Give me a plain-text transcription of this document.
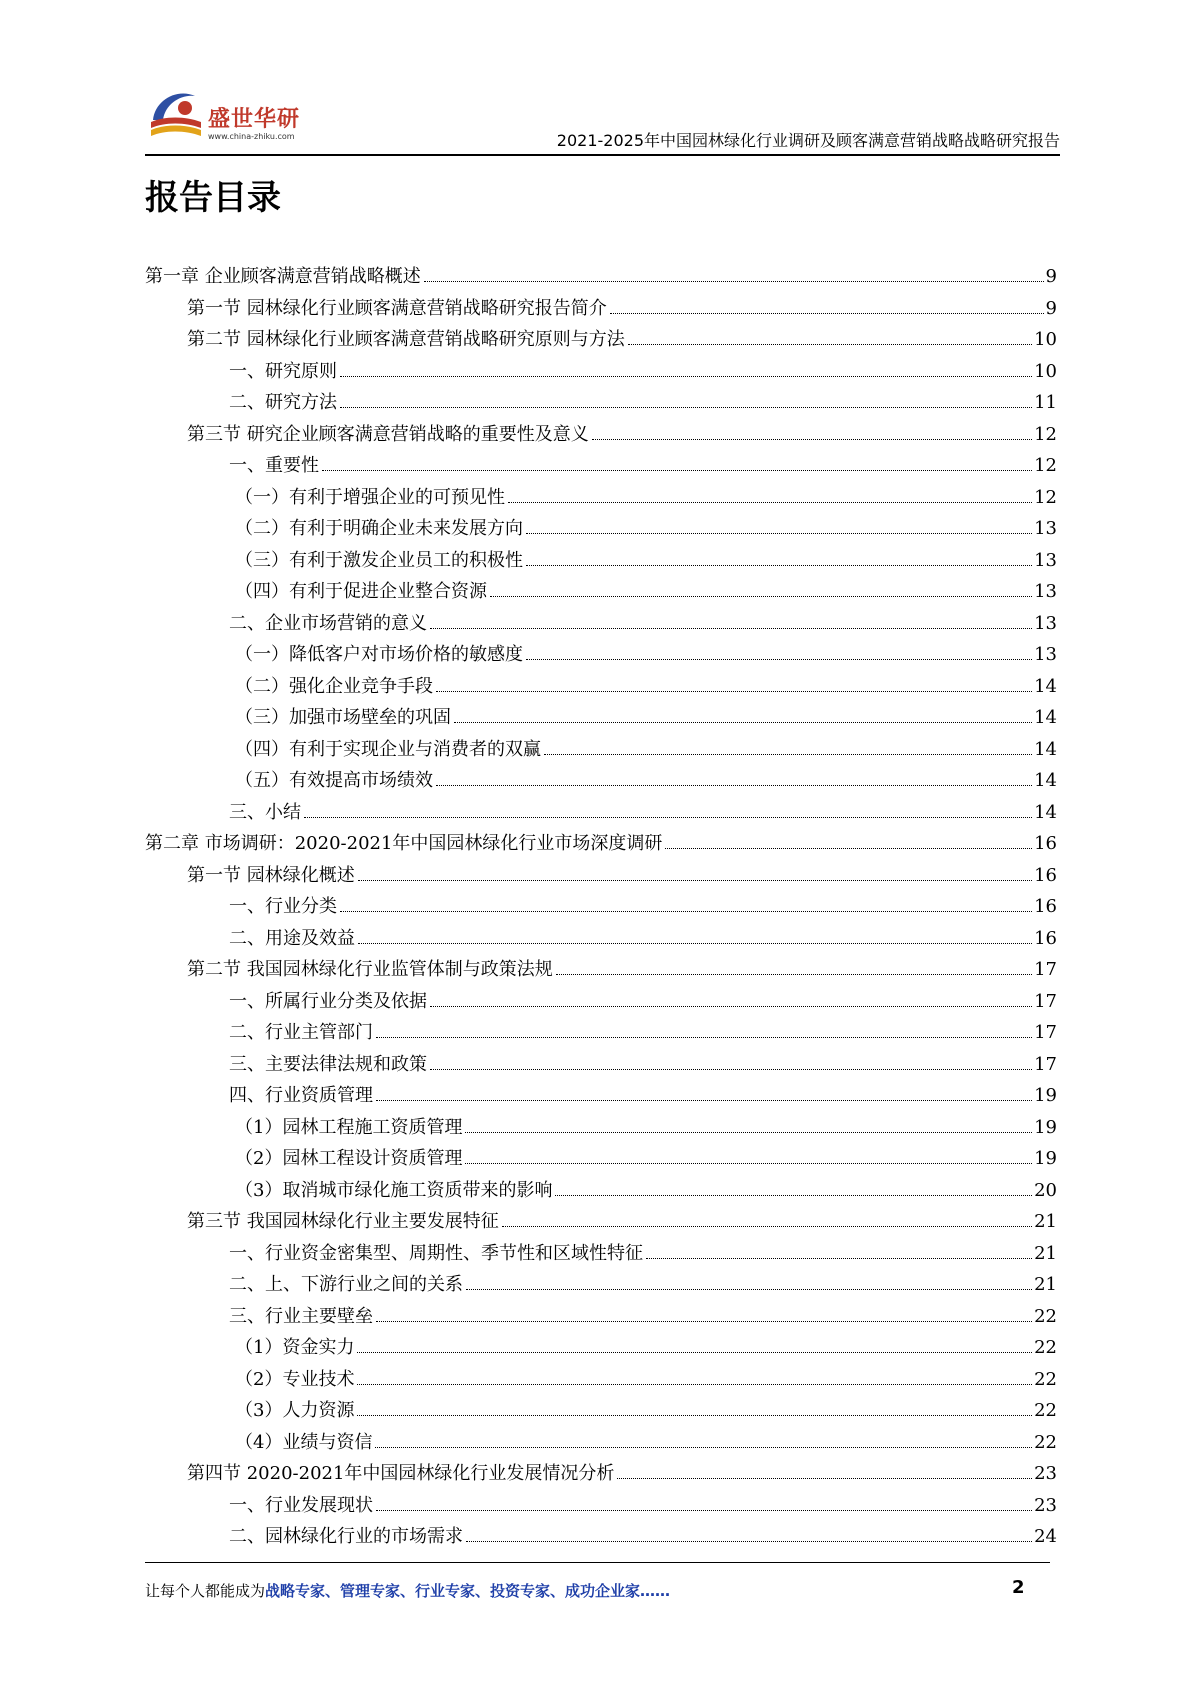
盛世华研
www.china-zhiku.com	2021-2025年中国园林绿化行业调研及顾客满意营销战略战略研究报告
报告目录
第一章 企业顾客满意营销战略概述	9
第一节 园林绿化行业顾客满意营销战略研究报告简介	9
第二节 园林绿化行业顾客满意营销战略研究原则与方法	10
一、研究原则	10
二、研究方法	11
第三节 研究企业顾客满意营销战略的重要性及意义	12
一、重要性	12
（一）有利于增强企业的可预见性	12
（二）有利于明确企业未来发展方向	13
（三）有利于激发企业员工的积极性	13
（四）有利于促进企业整合资源	13
二、企业市场营销的意义	13
（一）降低客户对市场价格的敏感度	13
（二）强化企业竞争手段	14
（三）加强市场壁垒的巩固	14
（四）有利于实现企业与消费者的双赢	14
（五）有效提高市场绩效	14
三、小结	14
第二章 市场调研：2020-2021年中国园林绿化行业市场深度调研	16
第一节 园林绿化概述	16
一、行业分类	16
二、用途及效益	16
第二节 我国园林绿化行业监管体制与政策法规	17
一、所属行业分类及依据	17
二、行业主管部门	17
三、主要法律法规和政策	17
四、行业资质管理	19
（1）园林工程施工资质管理	19
（2）园林工程设计资质管理	19
（3）取消城市绿化施工资质带来的影响	20
第三节 我国园林绿化行业主要发展特征	21
一、行业资金密集型、周期性、季节性和区域性特征	21
二、上、下游行业之间的关系	21
三、行业主要壁垒	22
（1）资金实力	22
（2）专业技术	22
（3）人力资源	22
（4）业绩与资信	22
第四节 2020-2021年中国园林绿化行业发展情况分析	23
一、行业发展现状	23
二、园林绿化行业的市场需求	24
让每个人都能成为战略专家、管理专家、行业专家、投资专家、成功企业家……	2
